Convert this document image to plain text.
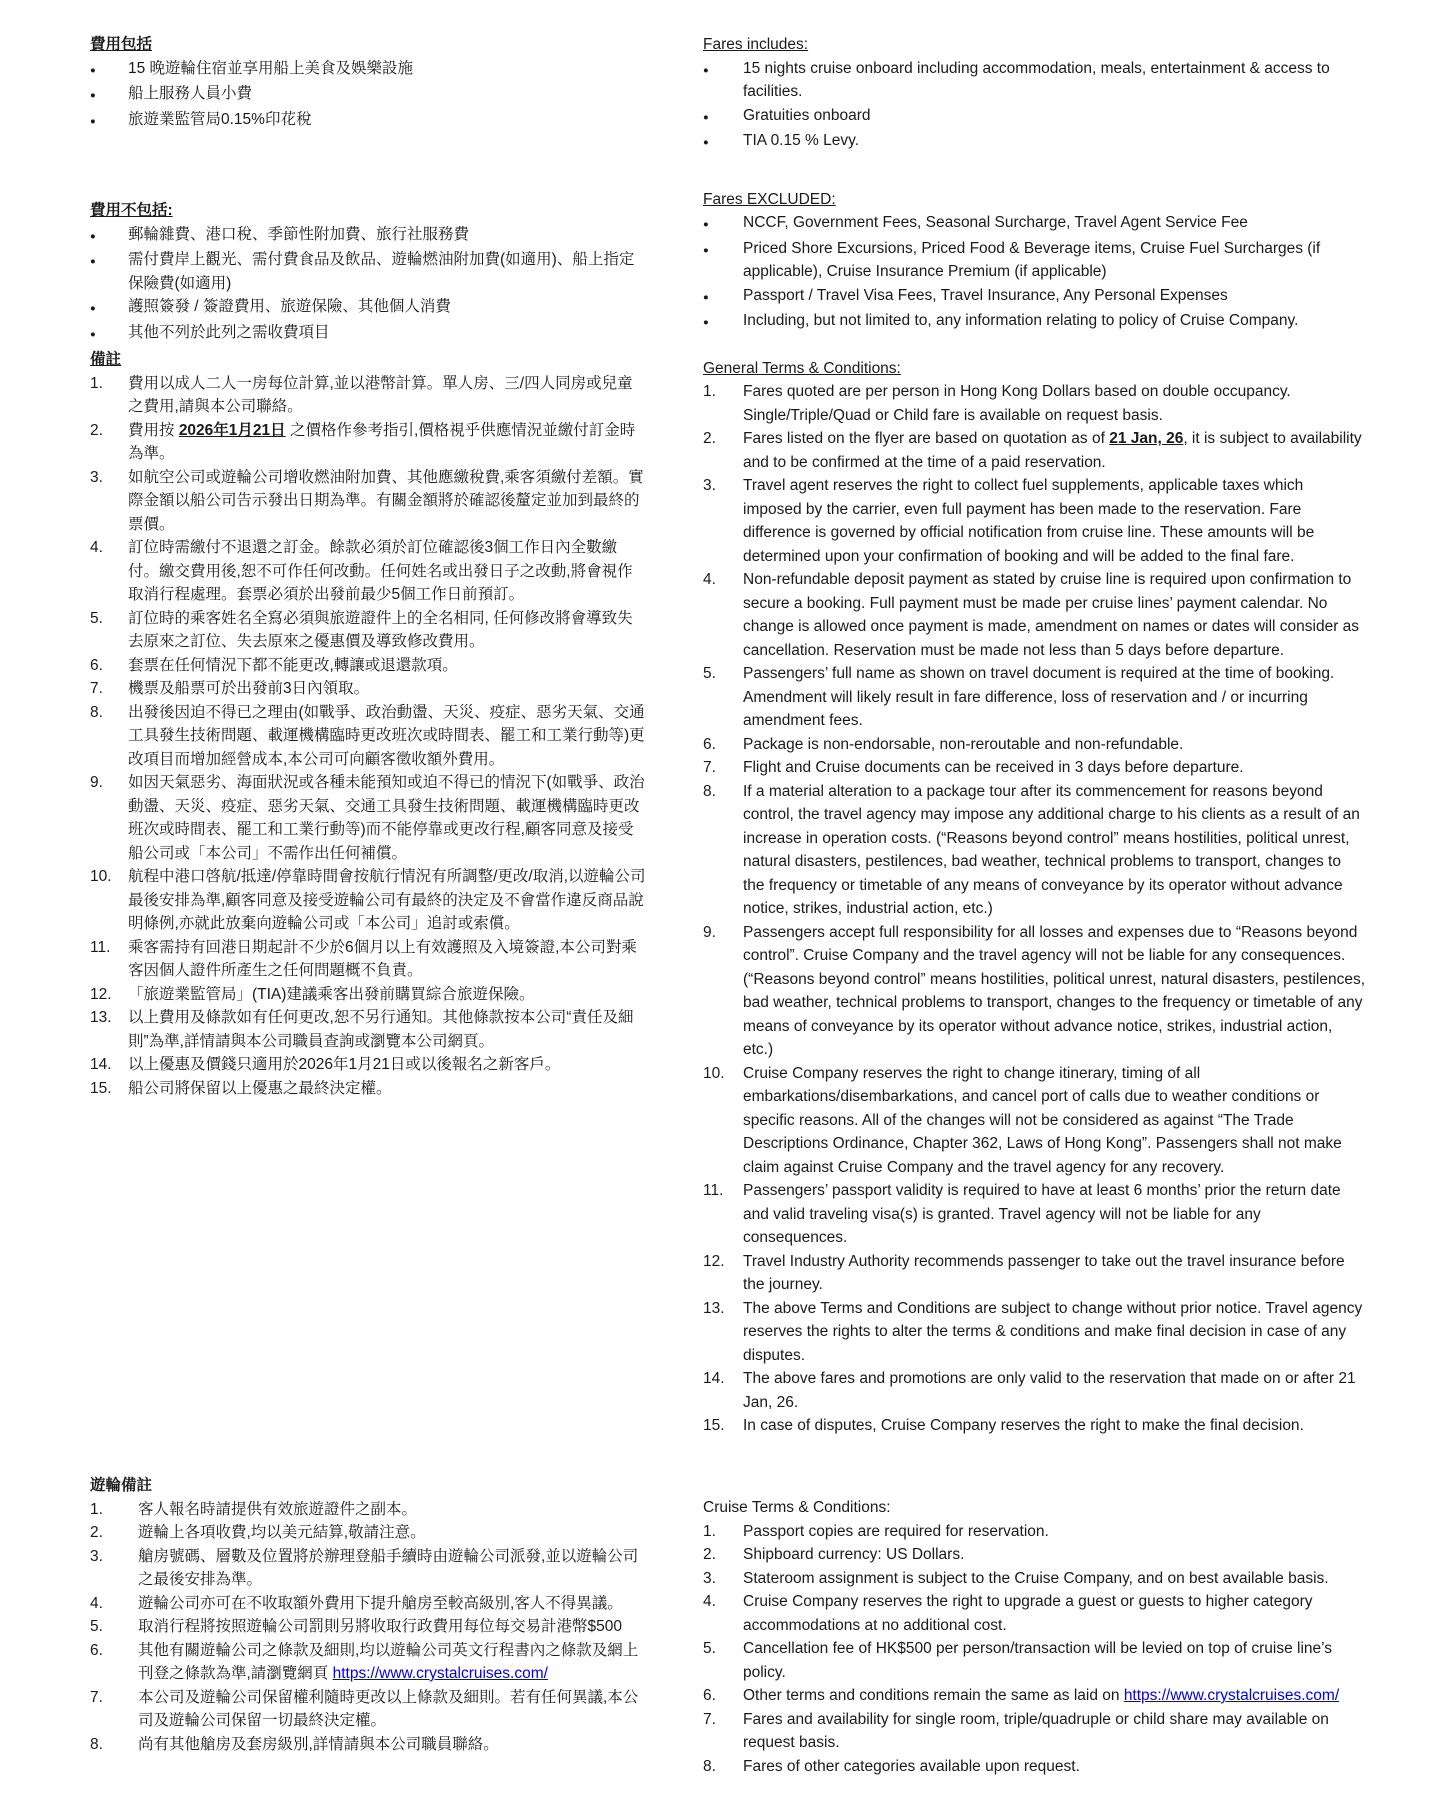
費用包括
●	15 晚遊輪住宿並享用船上美食及娛樂設施
●	船上服務人員小費
●	旅遊業監管局0.15%印花稅
費用不包括:
●	郵輪雜費、港口稅、季節性附加費、旅行社服務費
●	需付費岸上觀光、需付費食品及飲品、遊輪燃油附加費(如適用)、船上指定保險費(如適用)
●	護照簽發 / 簽證費用、旅遊保險、其他個人消費
●	其他不列於此列之需收費項目
備註
1.	費用以成人二人一房每位計算,並以港幣計算。單人房、三/四人同房或兒童之費用,請與本公司聯絡。
2.	費用按 2026年1月21日 之價格作參考指引,價格視乎供應情況並繳付訂金時為準。
3.	如航空公司或遊輪公司增收燃油附加費、其他應繳稅費,乘客須繳付差額。實際金額以船公司告示發出日期為準。有關金額將於確認後釐定並加到最終的票價。
4.	訂位時需繳付不退還之訂金。餘款必須於訂位確認後3個工作日內全數繳付。繳交費用後,恕不可作任何改動。任何姓名或出發日子之改動,將會視作取消行程處理。套票必須於出發前最少5個工作日前預訂。
5.	訂位時的乘客姓名全寫必須與旅遊證件上的全名相同, 任何修改將會導致失去原來之訂位、失去原來之優惠價及導致修改費用。
6.	套票在任何情況下都不能更改,轉讓或退還款項。
7.	機票及船票可於出發前3日內領取。
8.	出發後因迫不得已之理由(如戰爭、政治動盪、天災、疫症、惡劣天氣、交通工具發生技術問題、載運機構臨時更改班次或時間表、罷工和工業行動等)更改項目而增加經營成本,本公司可向顧客徵收額外費用。
9.	如因天氣惡劣、海面狀況或各種未能預知或迫不得已的情況下(如戰爭、政治動盪、天災、疫症、惡劣天氣、交通工具發生技術問題、載運機構臨時更改班次或時間表、罷工和工業行動等)而不能停靠或更改行程,顧客同意及接受船公司或「本公司」不需作出任何補償。
10.	航程中港口啓航/抵達/停靠時間會按航行情況有所調整/更改/取消,以遊輪公司最後安排為準,顧客同意及接受遊輪公司有最終的決定及不會當作違反商品說明條例,亦就此放棄向遊輪公司或「本公司」追討或索償。
11.	乘客需持有回港日期起計不少於6個月以上有效護照及入境簽證,本公司對乘客因個人證件所產生之任何問題概不負責。
12.	「旅遊業監管局」(TIA)建議乘客出發前購買綜合旅遊保險。
13.	以上費用及條款如有任何更改,恕不另行通知。其他條款按本公司“責任及細則”為準,詳情請與本公司職員查詢或瀏覽本公司網頁。
14.	以上優惠及價錢只適用於2026年1月21日或以後報名之新客戶。
15.	船公司將保留以上優惠之最終決定權。
遊輪備註
1.	客人報名時請提供有效旅遊證件之副本。
2.	遊輪上各項收費,均以美元結算,敬請注意。
3.	艙房號碼、層數及位置將於辦理登船手續時由遊輪公司派發,並以遊輪公司之最後安排為準。
4.	遊輪公司亦可在不收取額外費用下提升艙房至較高級別,客人不得異議。
5.	取消行程將按照遊輪公司罰則另將收取行政費用每位每交易計港幣$500
6.	其他有關遊輪公司之條款及細則,均以遊輪公司英文行程書內之條款及網上刊登之條款為準,請瀏覽網頁 https://www.crystalcruises.com/
7.	本公司及遊輪公司保留權利隨時更改以上條款及細則。若有任何異議,本公司及遊輪公司保留一切最終決定權。
8.	尚有其他艙房及套房級別,詳情請與本公司職員聯絡。
Fares includes:
●	15 nights cruise onboard including accommodation, meals, entertainment & access to facilities.
●	Gratuities onboard
●	TIA 0.15 % Levy.
Fares EXCLUDED:
●	NCCF, Government Fees, Seasonal Surcharge, Travel Agent Service Fee
●	Priced Shore Excursions, Priced Food & Beverage items, Cruise Fuel Surcharges (if applicable), Cruise Insurance Premium (if applicable)
●	Passport / Travel Visa Fees, Travel Insurance, Any Personal Expenses
●	Including, but not limited to, any information relating to policy of Cruise Company.
General Terms & Conditions:
1.	Fares quoted are per person in Hong Kong Dollars based on double occupancy. Single/Triple/Quad or Child fare is available on request basis.
2.	Fares listed on the flyer are based on quotation as of 21 Jan, 26, it is subject to availability and to be confirmed at the time of a paid reservation.
3.	Travel agent reserves the right to collect fuel supplements, applicable taxes which imposed by the carrier, even full payment has been made to the reservation. Fare difference is governed by official notification from cruise line. These amounts will be determined upon your confirmation of booking and will be added to the final fare.
4.	Non-refundable deposit payment as stated by cruise line is required upon confirmation to secure a booking. Full payment must be made per cruise lines’ payment calendar. No change is allowed once payment is made, amendment on names or dates will consider as cancellation. Reservation must be made not less than 5 days before departure.
5.	Passengers’ full name as shown on travel document is required at the time of booking. Amendment will likely result in fare difference, loss of reservation and / or incurring amendment fees.
6.	Package is non-endorsable, non-reroutable and non-refundable.
7.	Flight and Cruise documents can be received in 3 days before departure.
8.	If a material alteration to a package tour after its commencement for reasons beyond control, the travel agency may impose any additional charge to his clients as a result of an increase in operation costs. (“Reasons beyond control” means hostilities, political unrest, natural disasters, pestilences, bad weather, technical problems to transport, changes to the frequency or timetable of any means of conveyance by its operator without advance notice, strikes, industrial action, etc.)
9.	Passengers accept full responsibility for all losses and expenses due to “Reasons beyond control”. Cruise Company and the travel agency will not be liable for any consequences. (“Reasons beyond control” means hostilities, political unrest, natural disasters, pestilences, bad weather, technical problems to transport, changes to the frequency or timetable of any means of conveyance by its operator without advance notice, strikes, industrial action, etc.)
10.	Cruise Company reserves the right to change itinerary, timing of all embarkations/disembarkations, and cancel port of calls due to weather conditions or specific reasons. All of the changes will not be considered as against “The Trade Descriptions Ordinance, Chapter 362, Laws of Hong Kong”. Passengers shall not make claim against Cruise Company and the travel agency for any recovery.
11.	Passengers’ passport validity is required to have at least 6 months’ prior the return date and valid traveling visa(s) is granted. Travel agency will not be liable for any consequences.
12.	Travel Industry Authority recommends passenger to take out the travel insurance before the journey.
13.	The above Terms and Conditions are subject to change without prior notice. Travel agency reserves the rights to alter the terms & conditions and make final decision in case of any disputes.
14.	The above fares and promotions are only valid to the reservation that made on or after 21 Jan, 26.
15.	In case of disputes, Cruise Company reserves the right to make the final decision.
Cruise Terms & Conditions:
1.	Passport copies are required for reservation.
2.	Shipboard currency: US Dollars.
3.	Stateroom assignment is subject to the Cruise Company, and on best available basis.
4.	Cruise Company reserves the right to upgrade a guest or guests to higher category accommodations at no additional cost.
5.	Cancellation fee of HK$500 per person/transaction will be levied on top of cruise line’s policy.
6.	Other terms and conditions remain the same as laid on https://www.crystalcruises.com/
7.	Fares and availability for single room, triple/quadruple or child share may available on request basis.
8.	Fares of other categories available upon request.
